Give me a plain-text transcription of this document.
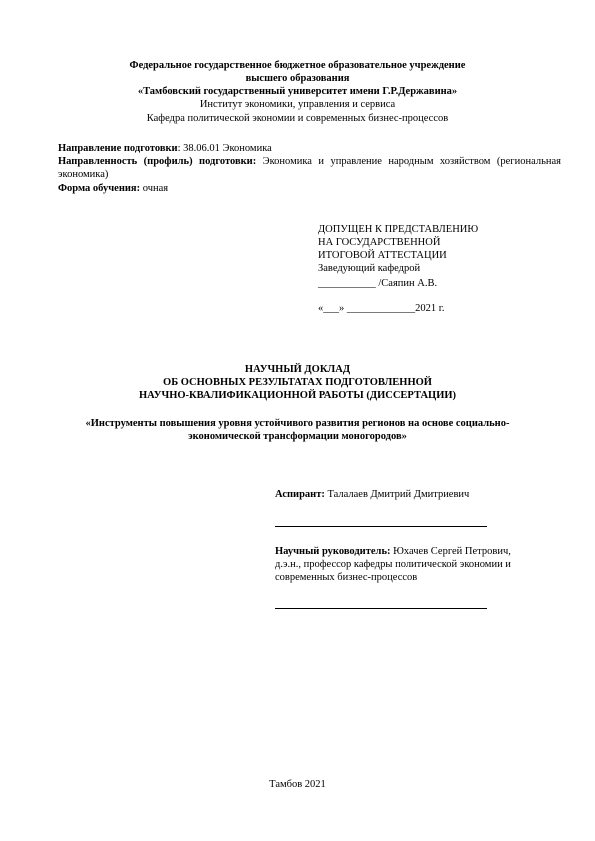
Федеральное государственное бюджетное образовательное учреждение
высшего образования
«Тамбовский государственный университет имени Г.Р.Державина»
Институт экономики, управления и сервиса
Кафедра политической экономии и современных бизнес-процессов
Направление подготовки: 38.06.01 Экономика
Направленность (профиль) подготовки: Экономика и управление народным хозяйством (региональная экономика)
Форма обучения: очная
ДОПУЩЕН К ПРЕДСТАВЛЕНИЮ
НА ГОСУДАРСТВЕННОЙ
ИТОГОВОЙ АТТЕСТАЦИИ
Заведующий кафедрой
___________ /Саяпин А.В.
«___» _____________2021 г.
НАУЧНЫЙ ДОКЛАД
ОБ ОСНОВНЫХ РЕЗУЛЬТАТАХ ПОДГОТОВЛЕННОЙ
НАУЧНО-КВАЛИФИКАЦИОННОЙ РАБОТЫ (ДИССЕРТАЦИИ)
«Инструменты повышения уровня устойчивого развития регионов на основе социально-
экономической трансформации моногородов»
Аспирант: Талалаев Дмитрий Дмитриевич
Научный руководитель: Юхачев Сергей Петрович,
д.э.н., профессор кафедры политической экономии и
современных бизнес-процессов
Тамбов 2021
